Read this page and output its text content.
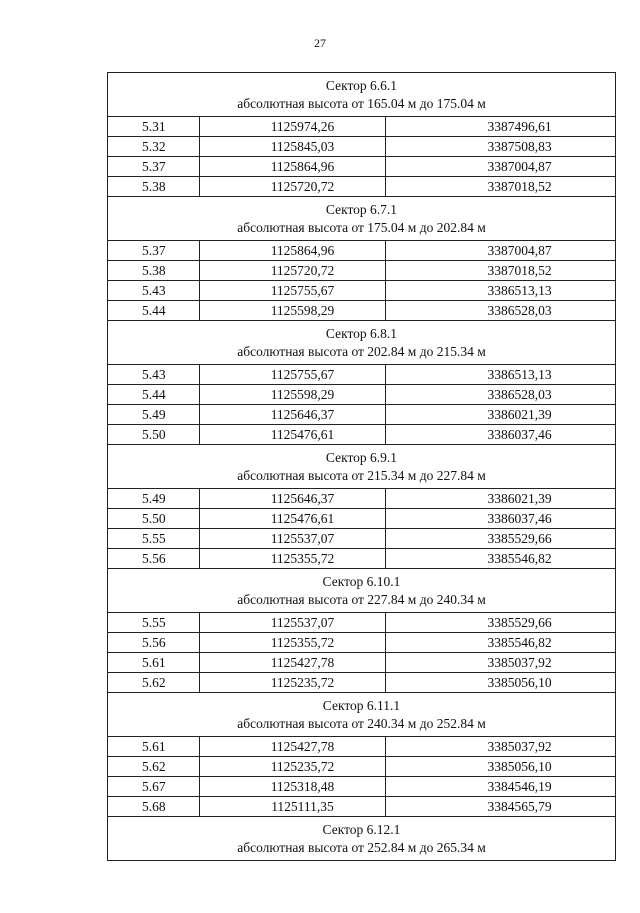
27
Сектор 6.6.1
абсолютная высота от 165.04 м до 175.04 м		

5.31	1125974,26	3387496,61
5.32	1125845,03	3387508,83
5.37	1125864,96	3387004,87
5.38	1125720,72	3387018,52

Сектор 6.7.1
абсолютная высота от 175.04 м до 202.84 м		

5.37	1125864,96	3387004,87
5.38	1125720,72	3387018,52
5.43	1125755,67	3386513,13
5.44	1125598,29	3386528,03

Сектор 6.8.1
абсолютная высота от 202.84 м до 215.34 м		

5.43	1125755,67	3386513,13
5.44	1125598,29	3386528,03
5.49	1125646,37	3386021,39
5.50	1125476,61	3386037,46

Сектор 6.9.1
абсолютная высота от 215.34 м до 227.84 м		

5.49	1125646,37	3386021,39
5.50	1125476,61	3386037,46
5.55	1125537,07	3385529,66
5.56	1125355,72	3385546,82

Сектор 6.10.1
абсолютная высота от 227.84 м до 240.34 м		

5.55	1125537,07	3385529,66
5.56	1125355,72	3385546,82
5.61	1125427,78	3385037,92
5.62	1125235,72	3385056,10

Сектор 6.11.1
абсолютная высота от 240.34 м до 252.84 м		

5.61	1125427,78	3385037,92
5.62	1125235,72	3385056,10
5.67	1125318,48	3384546,19
5.68	1125111,35	3384565,79

Сектор 6.12.1
абсолютная высота от 252.84 м до 265.34 м		
